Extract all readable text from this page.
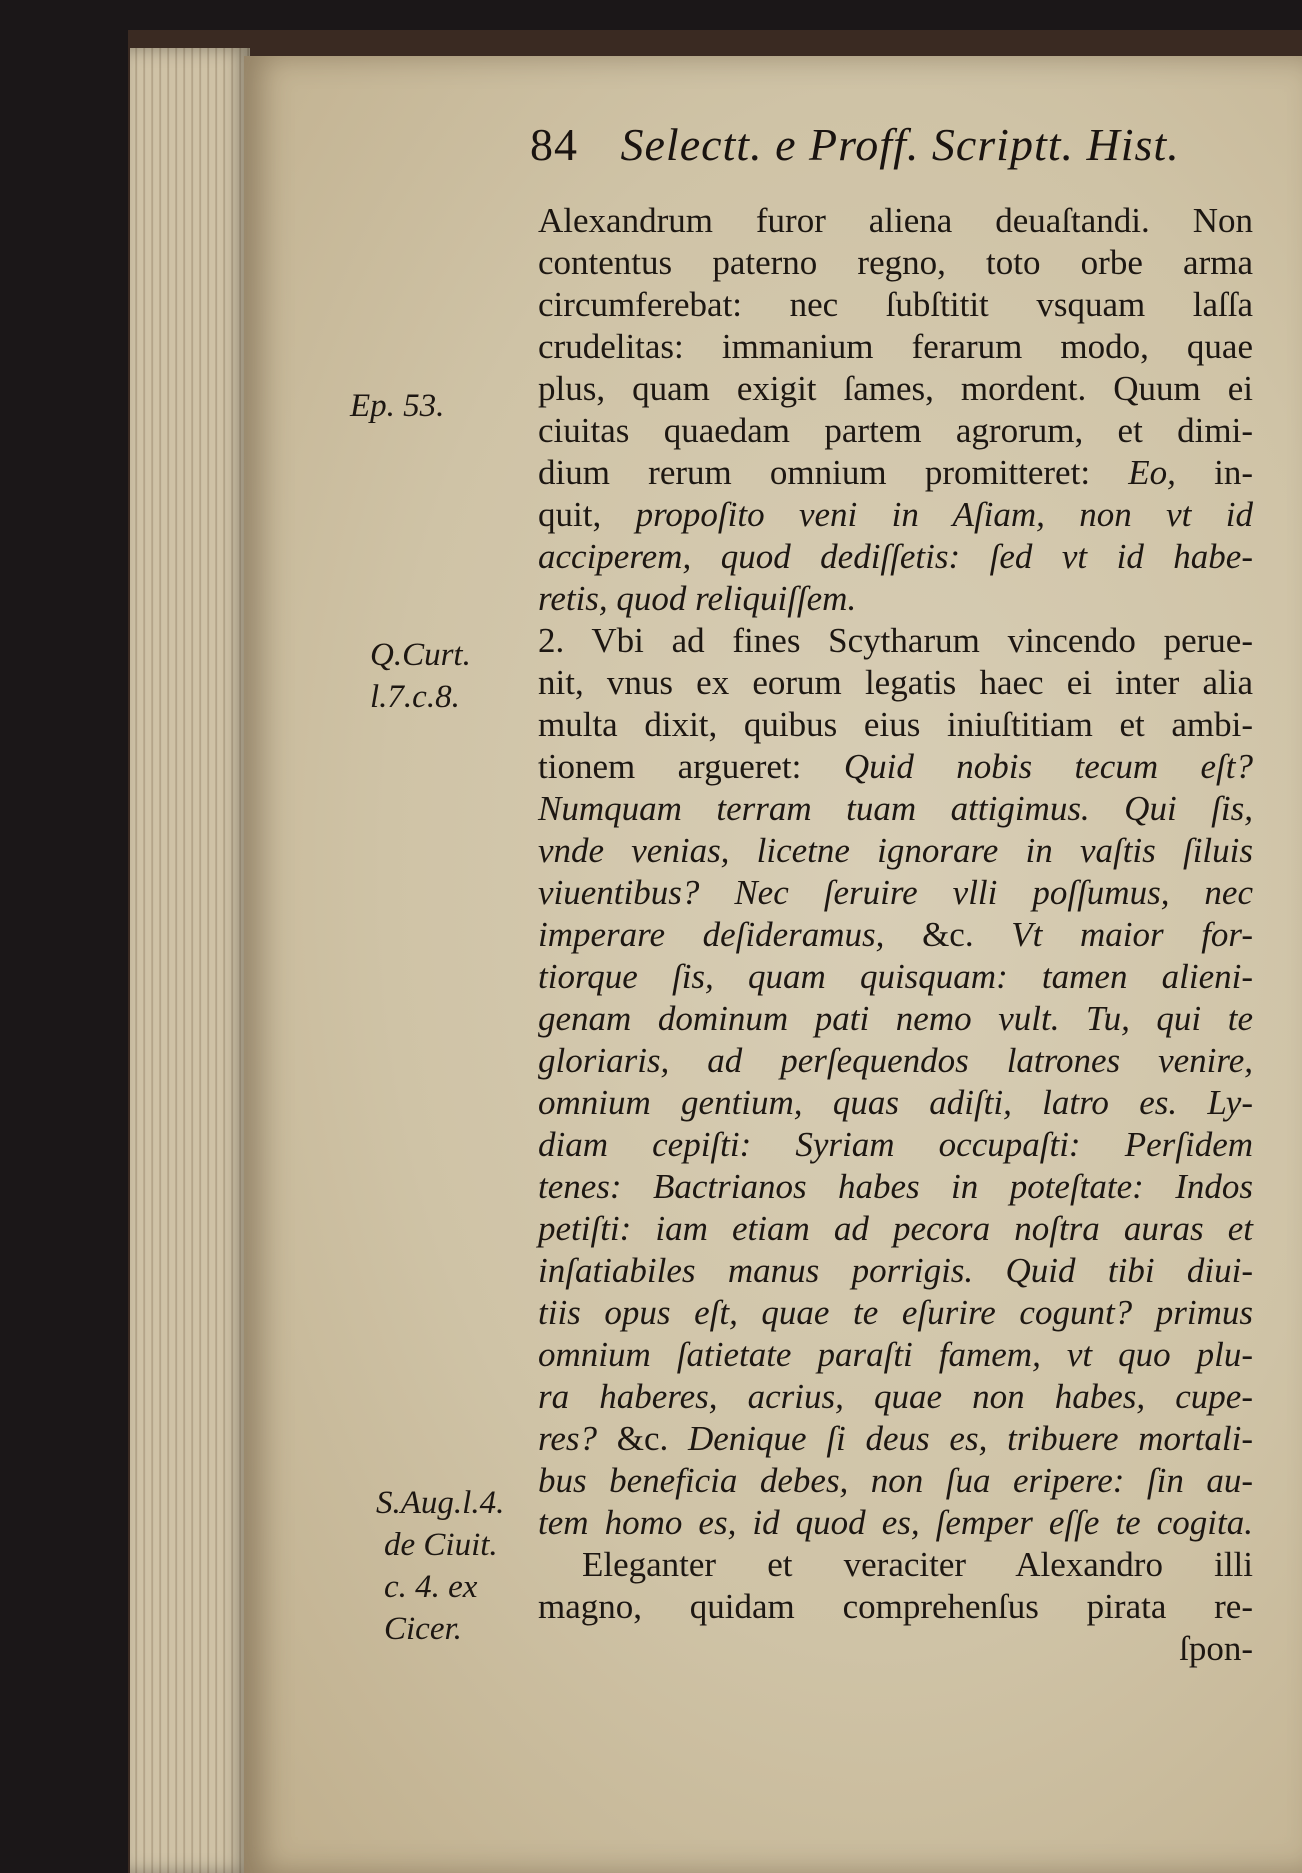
84 Selectt. e Proff. Scriptt. Hist.
Ep. 53.
Q.Curt.
l.7.c.8.
S.Aug.l.4.
de Ciuit.
c. 4. ex
Cicer.
Alexandrum furor aliena deuaſtandi. Non
contentus paterno regno, toto orbe arma
circumferebat: nec ſubſtitit vsquam laſſa
crudelitas: immanium ferarum modo, quae
plus, quam exigit ſames, mordent. Quum ei
ciuitas quaedam partem agrorum, et dimi-
dium rerum omnium promitteret: Eo, in-
quit, propoſito veni in Aſiam, non vt id
acciperem, quod dediſſetis: ſed vt id habe-
retis, quod reliquiſſem.
2. Vbi ad fines Scytharum vincendo perue-
nit, vnus ex eorum legatis haec ei inter alia
multa dixit, quibus eius iniuſtitiam et ambi-
tionem argueret: Quid nobis tecum eſt?
Numquam terram tuam attigimus. Qui ſis,
vnde venias, licetne ignorare in vaſtis ſiluis
viuentibus? Nec ſeruire vlli poſſumus, nec
imperare deſideramus, &c. Vt maior for-
tiorque ſis, quam quisquam: tamen alieni-
genam dominum pati nemo vult. Tu, qui te
gloriaris, ad perſequendos latrones venire,
omnium gentium, quas adiſti, latro es. Ly-
diam cepiſti: Syriam occupaſti: Perſidem
tenes: Bactrianos habes in poteſtate: Indos
petiſti: iam etiam ad pecora noſtra auras et
inſatiabiles manus porrigis. Quid tibi diui-
tiis opus eſt, quae te eſurire cogunt? primus
omnium ſatietate paraſti famem, vt quo plu-
ra haberes, acrius, quae non habes, cupe-
res? &c. Denique ſi deus es, tribuere mortali-
bus beneficia debes, non ſua eripere: ſin au-
tem homo es, id quod es, ſemper eſſe te cogita.
Eleganter et veraciter Alexandro illi
magno, quidam comprehenſus pirata re-
ſpon-
